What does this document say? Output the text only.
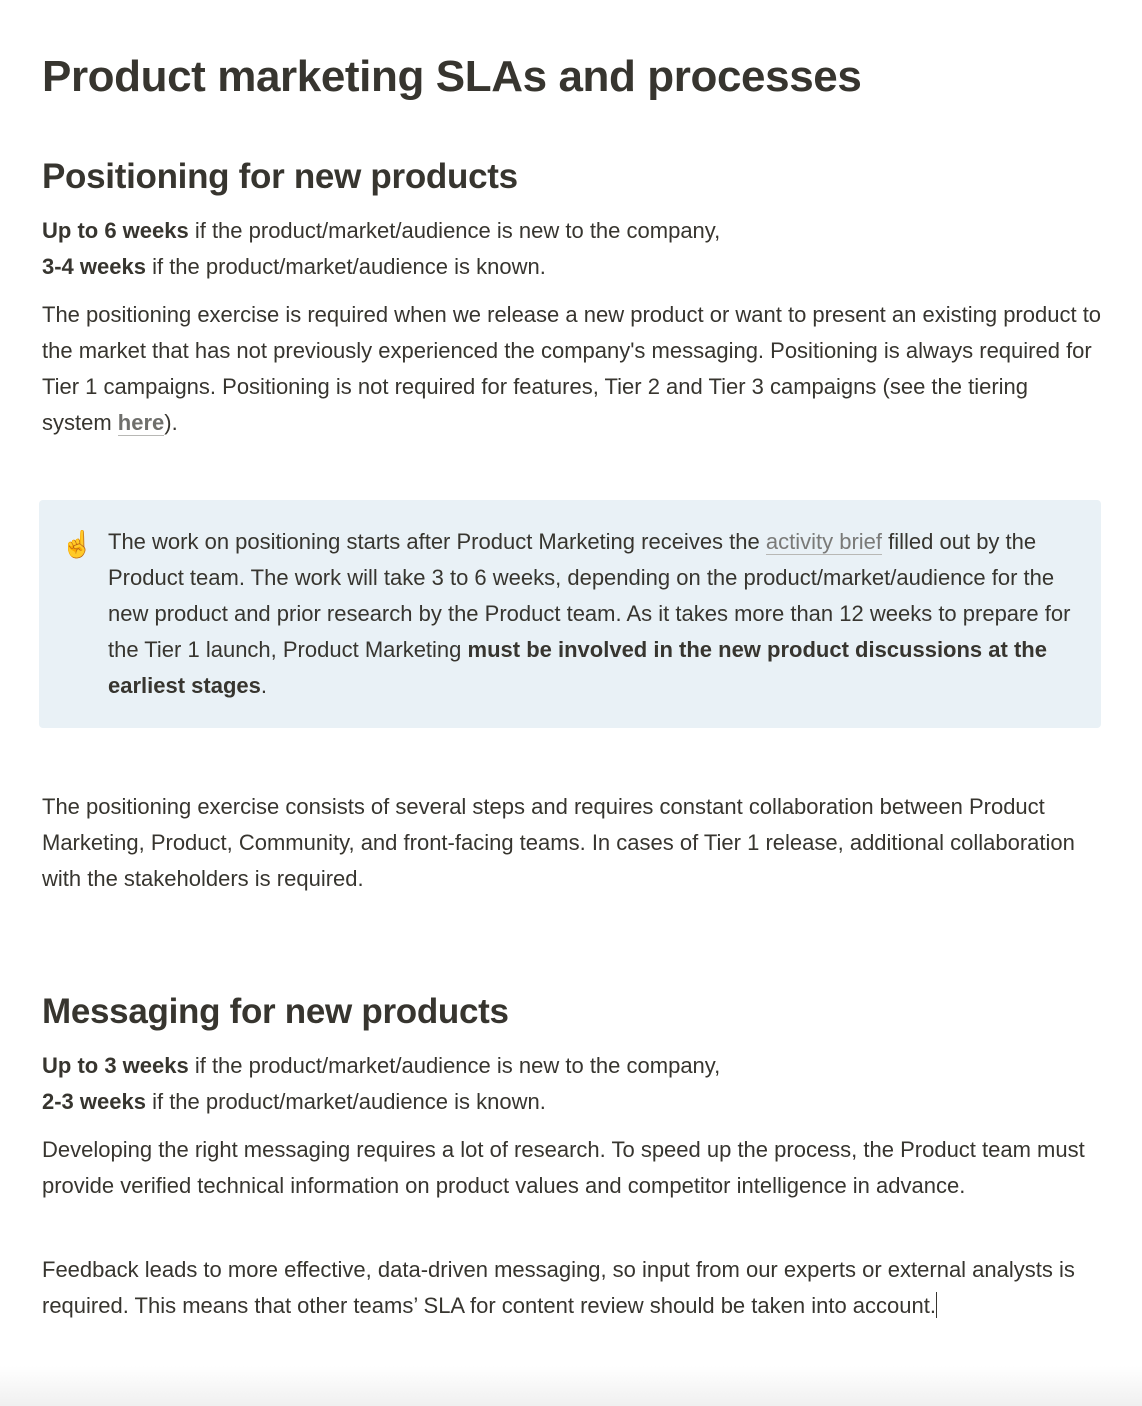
Product marketing SLAs and processes
Positioning for new products

Up to 6 weeks if the product/market/audience is new to the company,
3-4 weeks if the product/market/audience is known.

The positioning exercise is required when we release a new product or want to present an existing product to the market that has not previously experienced the company's messaging. Positioning is always required for Tier 1 campaigns. Positioning is not required for features, Tier 2 and Tier 3 campaigns (see the tiering system here).

The positioning exercise consists of several steps and requires constant collaboration between Product Marketing, Product, Community, and front-facing teams. In cases of Tier 1 release, additional collaboration with the stakeholders is required.

Messaging for new products

Up to 3 weeks if the product/market/audience is new to the company,
2-3 weeks if the product/market/audience is known.

Developing the right messaging requires a lot of research. To speed up the process, the Product team must provide verified technical information on product values and competitor intelligence in advance.

Feedback leads to more effective, data-driven messaging, so input from our experts or external analysts is required. This means that other teams’ SLA for content review should be taken into account.

☝️ The work on positioning starts after Product Marketing receives the activity brief filled out by the Product team. The work will take 3 to 6 weeks, depending on the product/market/audience for the new product and prior research by the Product team. As it takes more than 12 weeks to prepare for the Tier 1 launch, Product Marketing must be involved in the new product discussions at the earliest stages.
